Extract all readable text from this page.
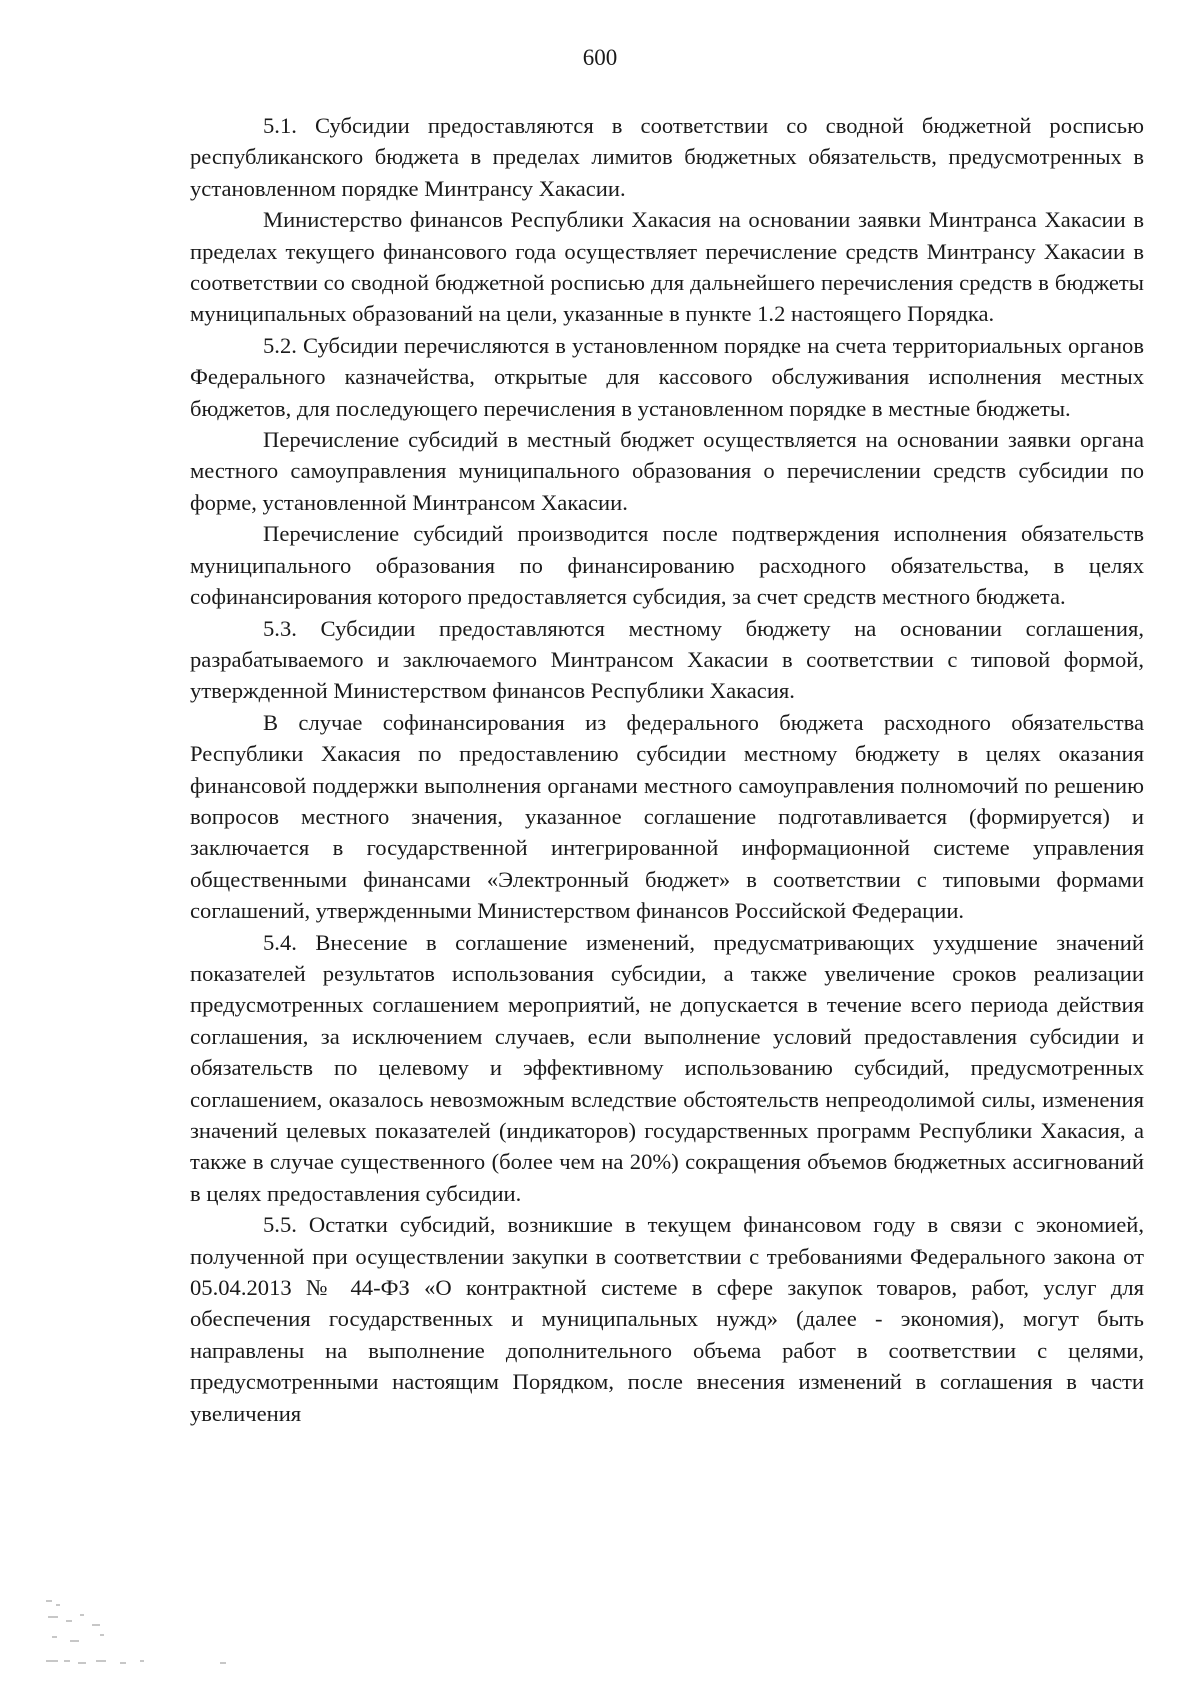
600

5.1. Субсидии предоставляются в соответствии со сводной бюджетной росписью республиканского бюджета в пределах лимитов бюджетных обязательств, предусмотренных в установленном порядке Минтрансу Хакасии.

Министерство финансов Республики Хакасия на основании заявки Минтранса Хакасии в пределах текущего финансового года осуществляет перечисление средств Минтрансу Хакасии в соответствии со сводной бюджетной росписью для дальнейшего перечисления средств в бюджеты муниципальных образований на цели, указанные в пункте 1.2 настоящего Порядка.

5.2. Субсидии перечисляются в установленном порядке на счета территориальных органов Федерального казначейства, открытые для кассового обслуживания исполнения местных бюджетов, для последующего перечисления в установленном порядке в местные бюджеты.

Перечисление субсидий в местный бюджет осуществляется на основании заявки органа местного самоуправления муниципального образования о перечислении средств субсидии по форме, установленной Минтрансом Хакасии.

Перечисление субсидий производится после подтверждения исполнения обязательств муниципального образования по финансированию расходного обязательства, в целях софинансирования которого предоставляется субсидия, за счет средств местного бюджета.

5.3. Субсидии предоставляются местному бюджету на основании соглашения, разрабатываемого и заключаемого Минтрансом Хакасии в соответствии с типовой формой, утвержденной Министерством финансов Республики Хакасия.

В случае софинансирования из федерального бюджета расходного обязательства Республики Хакасия по предоставлению субсидии местному бюджету в целях оказания финансовой поддержки выполнения органами местного самоуправления полномочий по решению вопросов местного значения, указанное соглашение подготавливается (формируется) и заключается в государственной интегрированной информационной системе управления общественными финансами «Электронный бюджет» в соответствии с типовыми формами соглашений, утвержденными Министерством финансов Российской Федерации.

5.4. Внесение в соглашение изменений, предусматривающих ухудшение значений показателей результатов использования субсидии, а также увеличение сроков реализации предусмотренных соглашением мероприятий, не допускается в течение всего периода действия соглашения, за исключением случаев, если выполнение условий предоставления субсидии и обязательств по целевому и эффективному использованию субсидий, предусмотренных соглашением, оказалось невозможным вследствие обстоятельств непреодолимой силы, изменения значений целевых показателей (индикаторов) государственных программ Республики Хакасия, а также в случае существенного (более чем на 20%) сокращения объемов бюджетных ассигнований в целях предоставления субсидии.

5.5. Остатки субсидий, возникшие в текущем финансовом году в связи с экономией, полученной при осуществлении закупки в соответствии с требованиями Федерального закона от 05.04.2013 № 44-ФЗ «О контрактной системе в сфере закупок товаров, работ, услуг для обеспечения государственных и муниципальных нужд» (далее - экономия), могут быть направлены на выполнение дополнительного объема работ в соответствии с целями, предусмотренными настоящим Порядком, после внесения изменений в соглашения в части увеличения
